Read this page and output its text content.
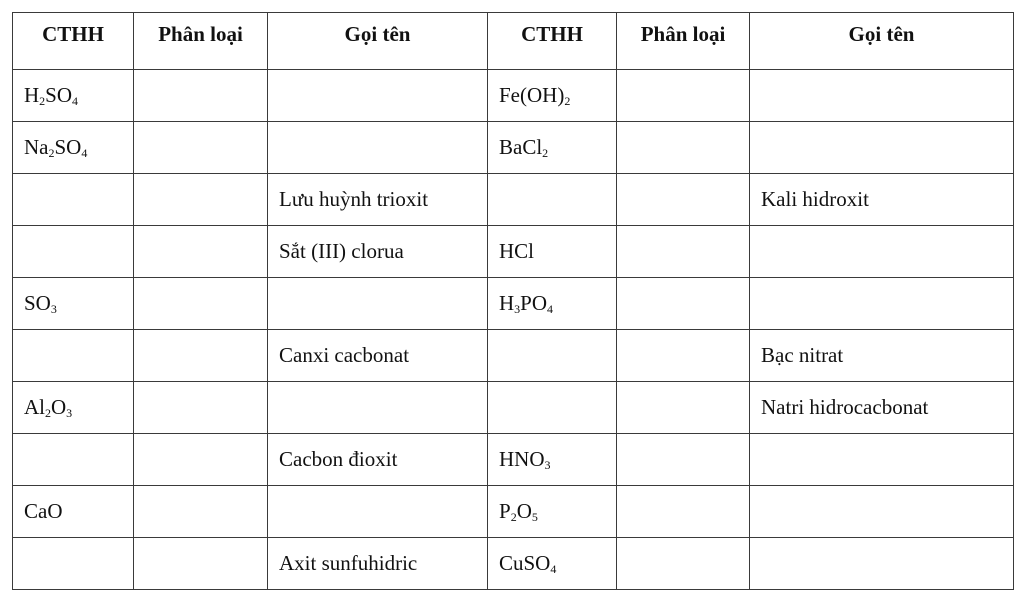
CTHH	Phân loại	Gọi tên	CTHH	Phân loại	Gọi tên
$H_2SO_4$			$Fe(OH)_2$		
$Na_2SO_4$			BaCl$_2$		
		Lưu huỳnh trioxit			Kali hidroxit
		Sắt (III) clorua	HCl		
$SO_3$			$H_3PO_4$		
		Canxi cacbonat			Bạc nitrat
$Al_2O_3$					Natri hidrocacbonat
		Cacbon đioxit	$HNO_3$		
CaO			$P_2O_5$		
		Axit sunfuhidric	CuSO$_4$		
